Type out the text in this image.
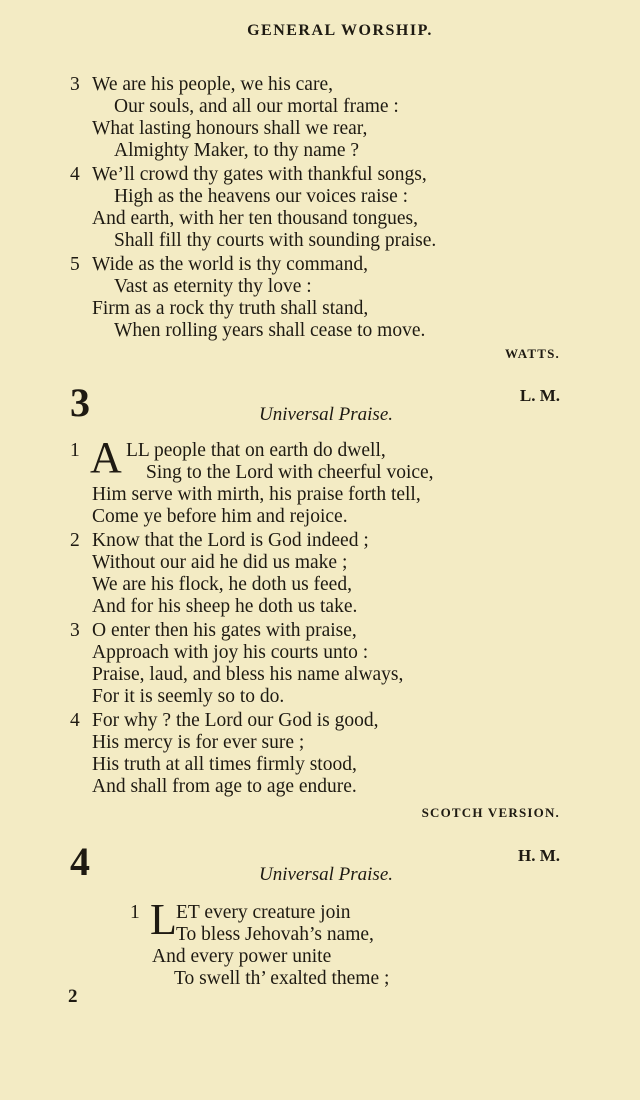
GENERAL WORSHIP.
3 We are his people, we his care,
Our souls, and all our mortal frame :
What lasting honours shall we rear,
Almighty Maker, to thy name ?
4 We’ll crowd thy gates with thankful songs,
High as the heavens our voices raise :
And earth, with her ten thousand tongues,
Shall fill thy courts with sounding praise.
5 Wide as the world is thy command,
Vast as eternity thy love :
Firm as a rock thy truth shall stand,
When rolling years shall cease to move.
WATTS.
3	L. M.
Universal Praise.
1 A LL people that on earth do dwell,
Sing to the Lord with cheerful voice,
Him serve with mirth, his praise forth tell,
Come ye before him and rejoice.
2 Know that the Lord is God indeed ;
Without our aid he did us make ;
We are his flock, he doth us feed,
And for his sheep he doth us take.
3 O enter then his gates with praise,
Approach with joy his courts unto :
Praise, laud, and bless his name always,
For it is seemly so to do.
4 For why ? the Lord our God is good,
His mercy is for ever sure ;
His truth at all times firmly stood,
And shall from age to age endure.
SCOTCH VERSION.
4	H. M.
Universal Praise.
1 L ET every creature join
To bless Jehovah’s name,
And every power unite
To swell th’ exalted theme ;
2
